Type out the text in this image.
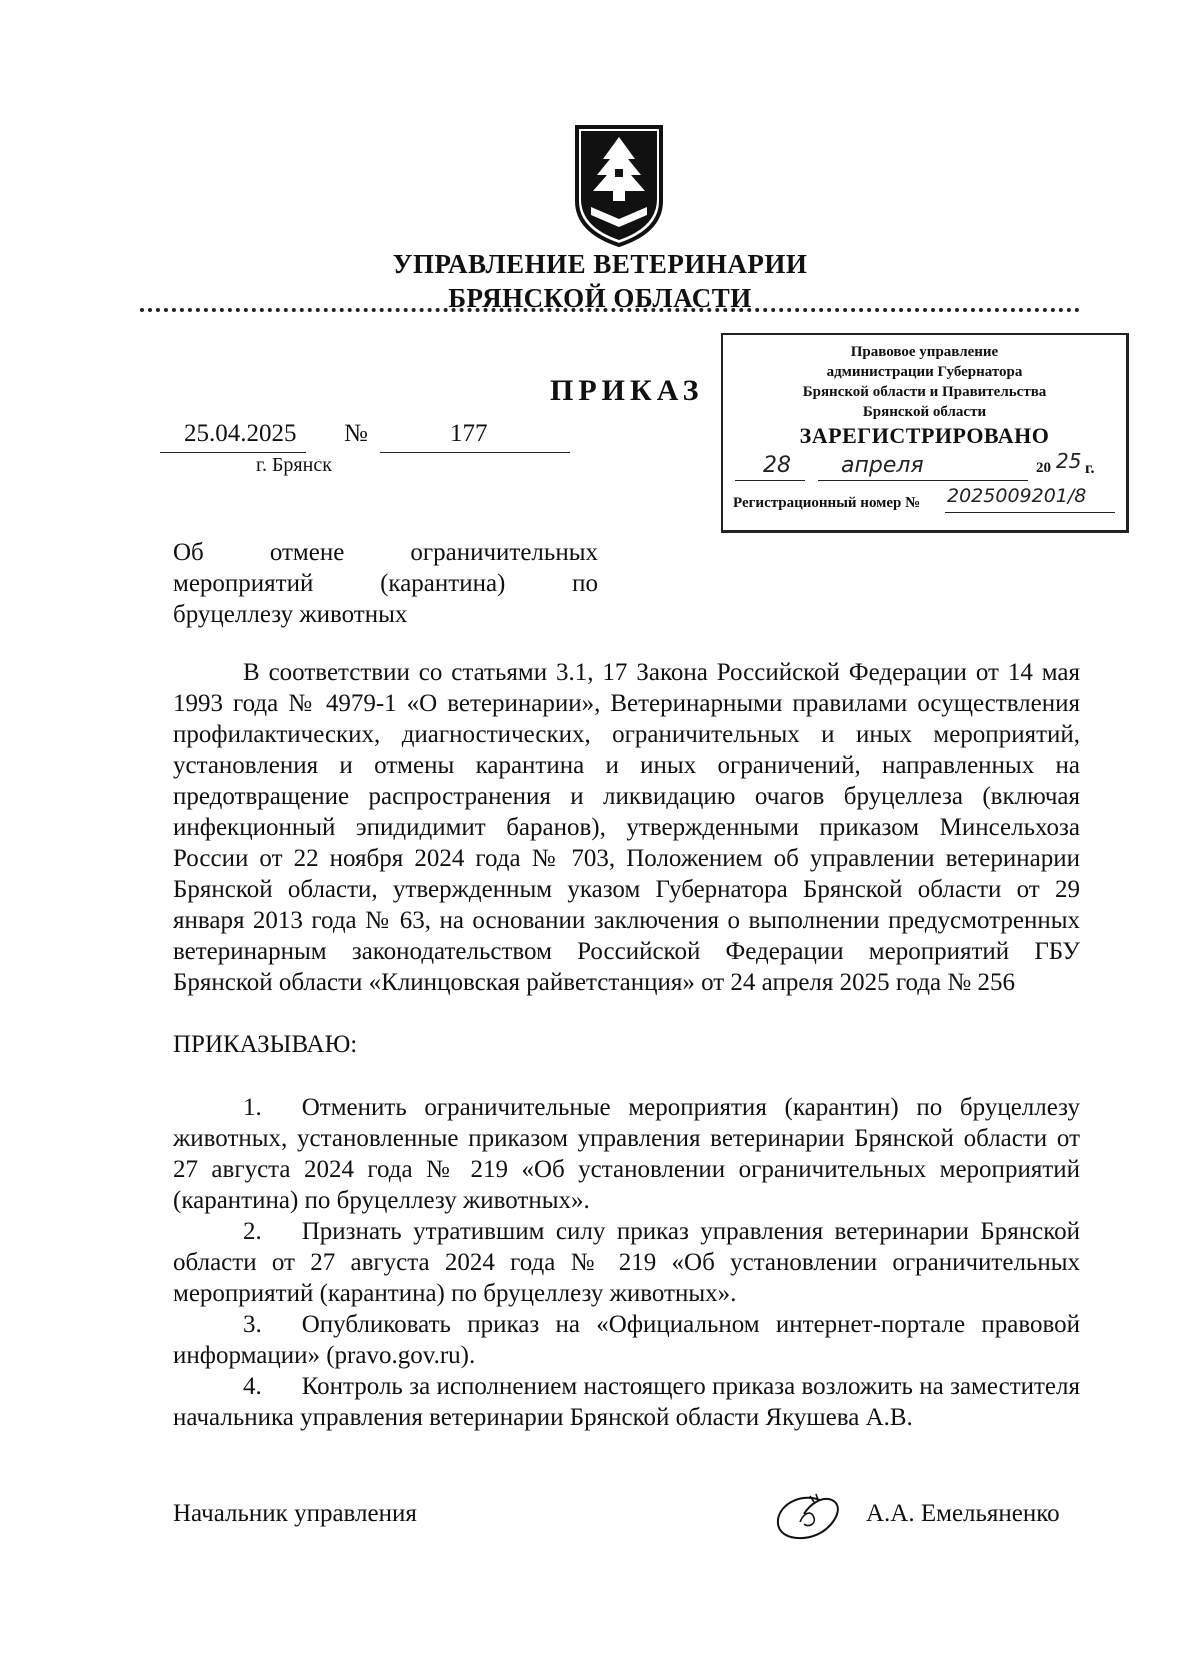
УПРАВЛЕНИЕ ВЕТЕРИНАРИИ
БРЯНСКОЙ ОБЛАСТИ
ПРИКАЗ
25.04.2025 №	177
г. Брянск
Правовое управление
администрации Губернатора
Брянской области и Правительства
Брянской области
ЗАРЕГИСТРИРОВАНО
28 апреля	20 25 г.
Регистрационный номер № 2025009201/8
Об отмене ограничительных мероприятий (карантина) по бруцеллезу животных
В соответствии со статьями 3.1, 17 Закона Российской Федерации от 14 мая 1993 года № 4979-1 «О ветеринарии», Ветеринарными правилами осуществления профилактических, диагностических, ограничительных и иных мероприятий, установления и отмены карантина и иных ограничений, направленных на предотвращение распространения и ликвидацию очагов бруцеллеза (включая инфекционный эпидидимит баранов), утвержденными приказом Минсельхоза России от 22 ноября 2024 года № 703, Положением об управлении ветеринарии Брянской области, утвержденным указом Губернатора Брянской области от 29 января 2013 года № 63, на основании заключения о выполнении предусмотренных ветеринарным законодательством Российской Федерации мероприятий ГБУ Брянской области «Клинцовская райветстанция» от 24 апреля 2025 года № 256
ПРИКАЗЫВАЮ:
1. Отменить ограничительные мероприятия (карантин) по бруцеллезу животных, установленные приказом управления ветеринарии Брянской области от 27 августа 2024 года № 219 «Об установлении ограничительных мероприятий (карантина) по бруцеллезу животных».
2. Признать утратившим силу приказ управления ветеринарии Брянской области от 27 августа 2024 года № 219 «Об установлении ограничительных мероприятий (карантина) по бруцеллезу животных».
3. Опубликовать приказ на «Официальном интернет-портале правовой информации» (pravo.gov.ru).
4. Контроль за исполнением настоящего приказа возложить на заместителя начальника управления ветеринарии Брянской области Якушева А.В.
Начальник управления	А.А. Емельяненко
